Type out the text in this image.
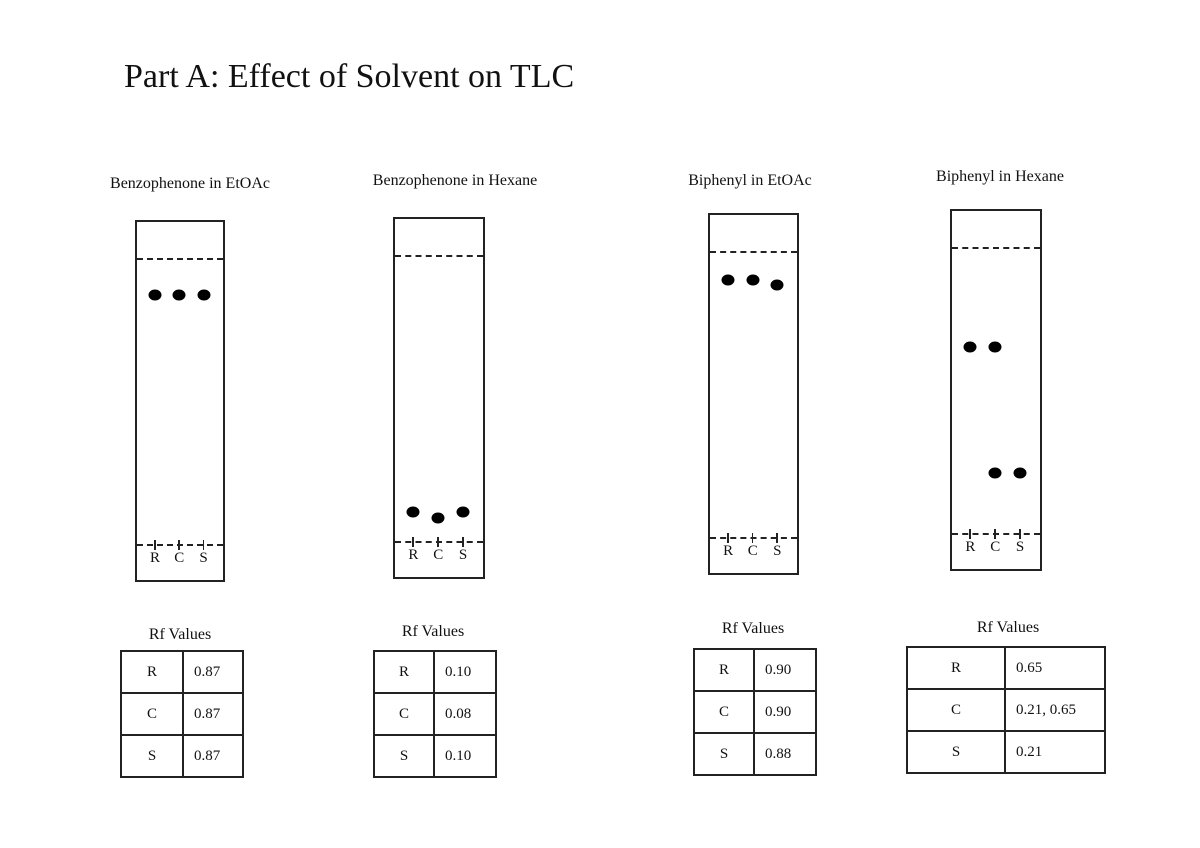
Part A: Effect of Solvent on TLC
Benzophenone in EtOAc
R C S
Rf Values
R	0.87
C	0.87
S	0.87
Benzophenone in Hexane
R C S
Rf Values
R	0.10
C	0.08
S	0.10
Biphenyl in EtOAc
R C S
Rf Values
R	0.90
C	0.90
S	0.88
Biphenyl in Hexane
R C S
Rf Values
R	0.65
C	0.21, 0.65
S	0.21
